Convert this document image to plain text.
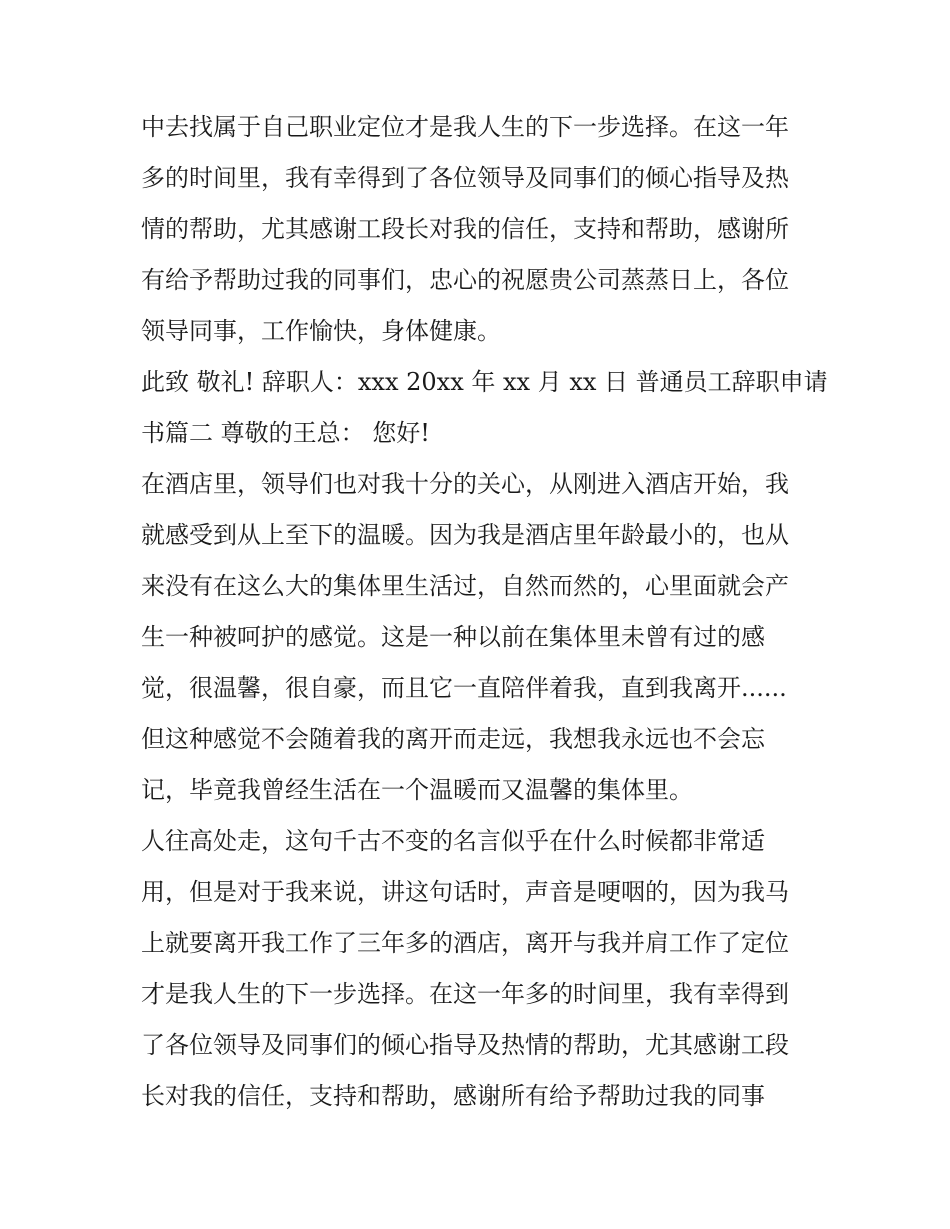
中去找属于自己职业定位才是我人生的下一步选择。在这一年
多的时间里，我有幸得到了各位领导及同事们的倾心指导及热
情的帮助，尤其感谢工段长对我的信任，支持和帮助，感谢所
有给予帮助过我的同事们，忠心的祝愿贵公司蒸蒸日上，各位
领导同事，工作愉快，身体健康。
此致 敬礼! 辞职人：xxx 20xx 年 xx 月 xx 日 普通员工辞职申请
书篇二 尊敬的王总： 您好!
在酒店里，领导们也对我十分的关心，从刚进入酒店开始，我
就感受到从上至下的温暖。因为我是酒店里年龄最小的，也从
来没有在这么大的集体里生活过，自然而然的，心里面就会产
生一种被呵护的感觉。这是一种以前在集体里未曾有过的感
觉，很温馨，很自豪，而且它一直陪伴着我，直到我离开......
但这种感觉不会随着我的离开而走远，我想我永远也不会忘
记，毕竟我曾经生活在一个温暖而又温馨的集体里。
人往高处走，这句千古不变的名言似乎在什么时候都非常适
用，但是对于我来说，讲这句话时，声音是哽咽的，因为我马
上就要离开我工作了三年多的酒店，离开与我并肩工作了定位
才是我人生的下一步选择。在这一年多的时间里，我有幸得到
了各位领导及同事们的倾心指导及热情的帮助，尤其感谢工段
长对我的信任，支持和帮助，感谢所有给予帮助过我的同事
